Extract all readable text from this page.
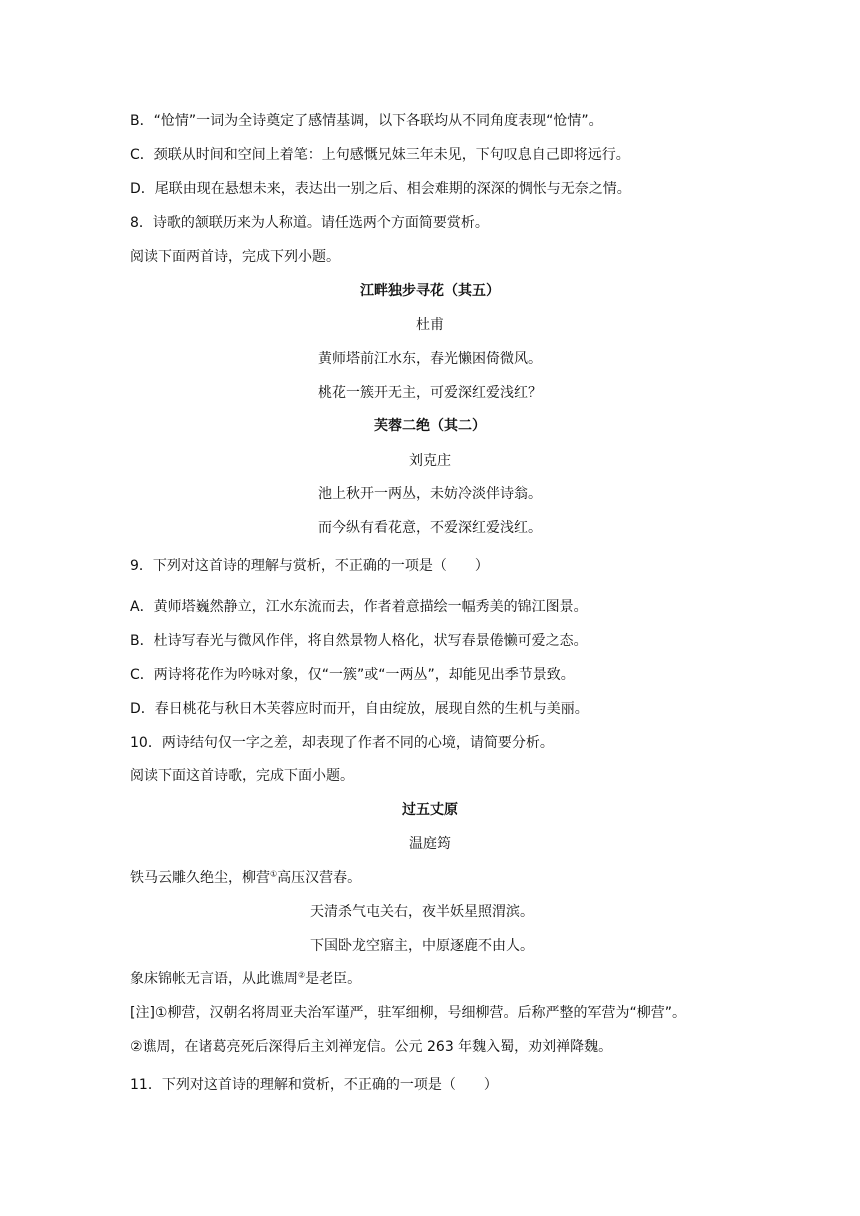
B．“怆情”一词为全诗奠定了感情基调，以下各联均从不同角度表现“怆情”。
C．颈联从时间和空间上着笔：上句感慨兄妹三年未见，下句叹息自己即将远行。
D．尾联由现在悬想未来，表达出一别之后、相会难期的深深的惆怅与无奈之情。
8．诗歌的颔联历来为人称道。请任选两个方面简要赏析。
阅读下面两首诗，完成下列小题。
江畔独步寻花（其五）
杜甫
黄师塔前江水东，春光懒困倚微风。
桃花一簇开无主，可爱深红爱浅红？
芙蓉二绝（其二）
刘克庄
池上秋开一两丛，未妨冷淡伴诗翁。
而今纵有看花意，不爱深红爱浅红。
9．下列对这首诗的理解与赏析，不正确的一项是（　　）
A．黄师塔巍然静立，江水东流而去，作者着意描绘一幅秀美的锦江图景。
B．杜诗写春光与微风作伴，将自然景物人格化，状写春景倦懒可爱之态。
C．两诗将花作为吟咏对象，仅“一簇”或“一两丛”，却能见出季节景致。
D．春日桃花与秋日木芙蓉应时而开，自由绽放，展现自然的生机与美丽。
10．两诗结句仅一字之差，却表现了作者不同的心境，请简要分析。
阅读下面这首诗歌，完成下面小题。
过五丈原
温庭筠
铁马云雕久绝尘，柳营①高压汉营春。
天清杀气屯关右，夜半妖星照渭滨。
下国卧龙空寤主，中原逐鹿不由人。
象床锦帐无言语，从此谯周②是老臣。
[注]①柳营，汉朝名将周亚夫治军谨严，驻军细柳，号细柳营。后称严整的军营为“柳营”。
②谯周，在诸葛亮死后深得后主刘禅宠信。公元 263 年魏入蜀，劝刘禅降魏。
11．下列对这首诗的理解和赏析，不正确的一项是（　　）
